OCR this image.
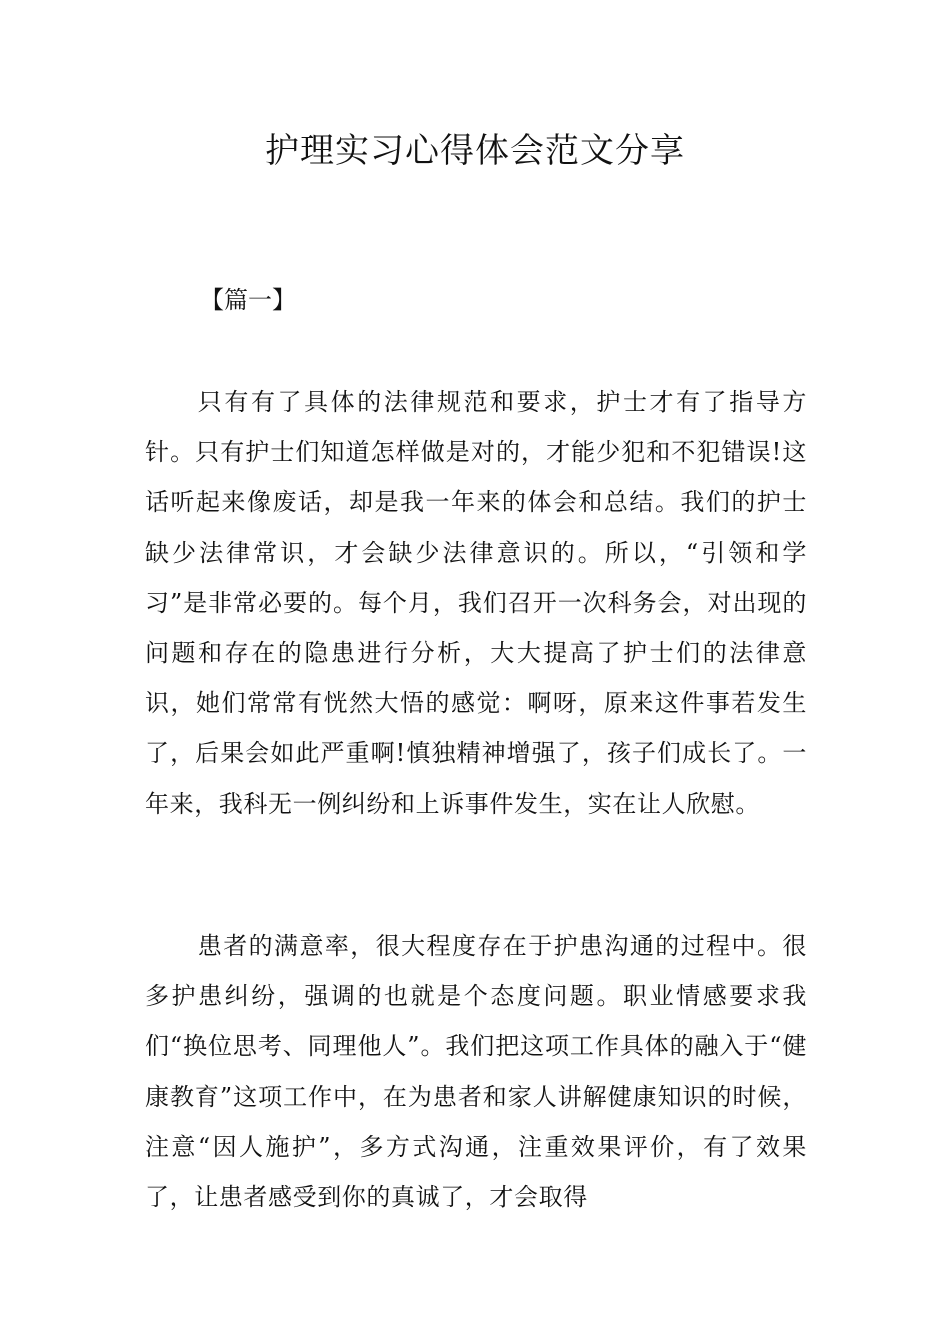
护理实习心得体会范文分享

【篇一】

只有有了具体的法律规范和要求，护士才有了指导方针。只有护士们知道怎样做是对的，才能少犯和不犯错误!这话听起来像废话，却是我一年来的体会和总结。我们的护士缺少法律常识，才会缺少法律意识的。所以，“引领和学习”是非常必要的。每个月，我们召开一次科务会，对出现的问题和存在的隐患进行分析，大大提高了护士们的法律意识，她们常常有恍然大悟的感觉：啊呀，原来这件事若发生了，后果会如此严重啊!慎独精神增强了，孩子们成长了。一年来，我科无一例纠纷和上诉事件发生，实在让人欣慰。

患者的满意率，很大程度存在于护患沟通的过程中。很多护患纠纷，强调的也就是个态度问题。职业情感要求我们“换位思考、同理他人”。我们把这项工作具体的融入于“健康教育”这项工作中，在为患者和家人讲解健康知识的时候，注意“因人施护”，多方式沟通，注重效果评价，有了效果了，让患者感受到你的真诚了，才会取得
